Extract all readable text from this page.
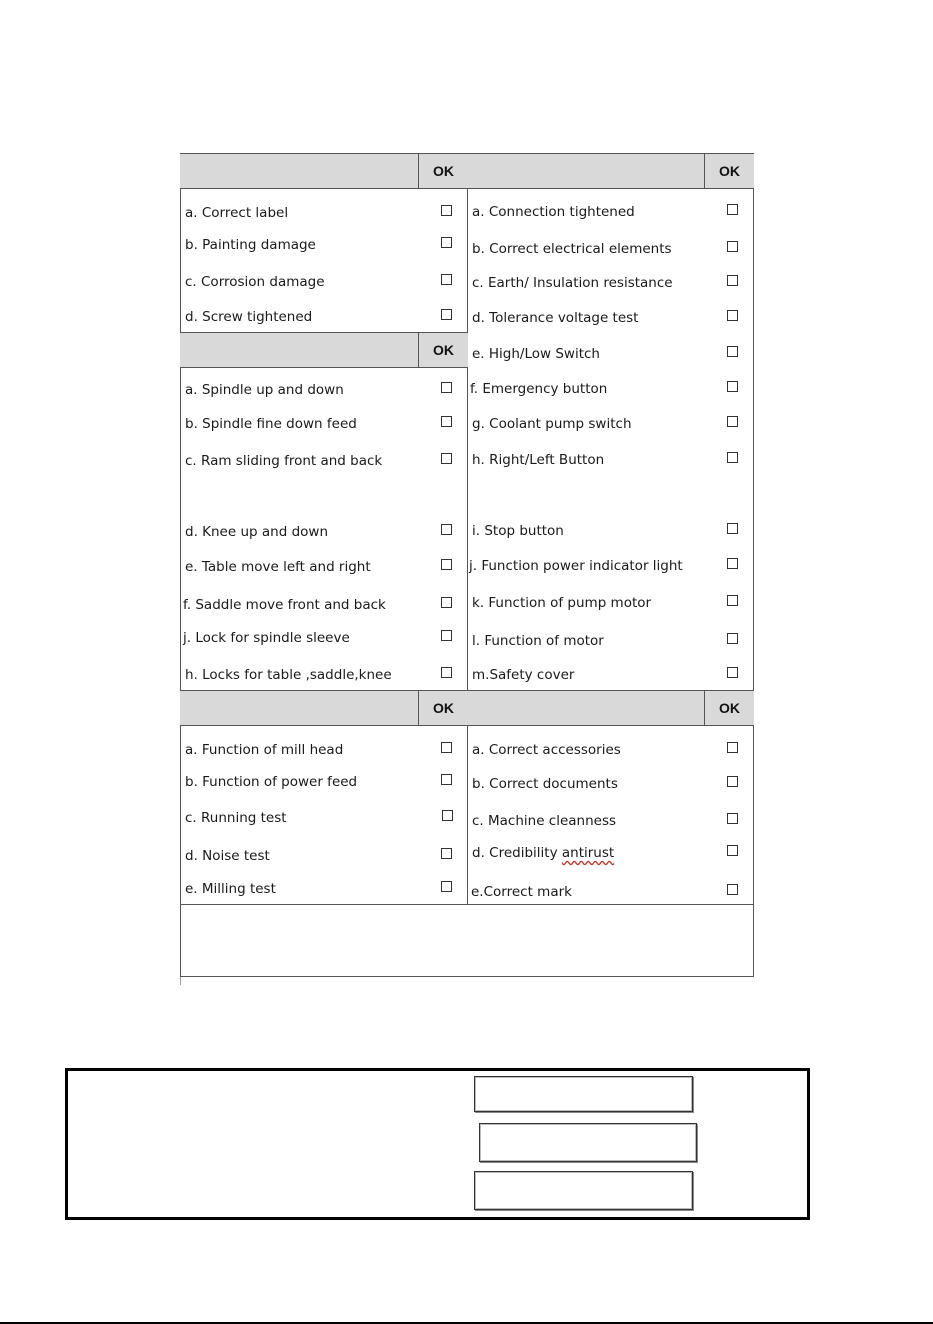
OK	OK
OK
OK	OK
a. Correct label
b. Painting damage
c. Corrosion damage
d. Screw tightened
a. Spindle up and down
b. Spindle fine down feed
c. Ram sliding front and back
d. Knee up and down
e. Table move left and right
f. Saddle move front and back
j. Lock for spindle sleeve
h. Locks for table ,saddle,knee
a. Connection tightened
b. Correct electrical elements
c. Earth/ Insulation resistance
d. Tolerance voltage test
e. High/Low Switch
f. Emergency button
g. Coolant pump switch
h. Right/Left Button
i. Stop button
j. Function power indicator light
k. Function of pump motor
l. Function of motor
m.Safety cover
a. Function of mill head
b. Function of power feed
c. Running test
d. Noise test
e. Milling test
a. Correct accessories
b. Correct documents
c. Machine cleanness
d. Credibility antirust
e.Correct mark
